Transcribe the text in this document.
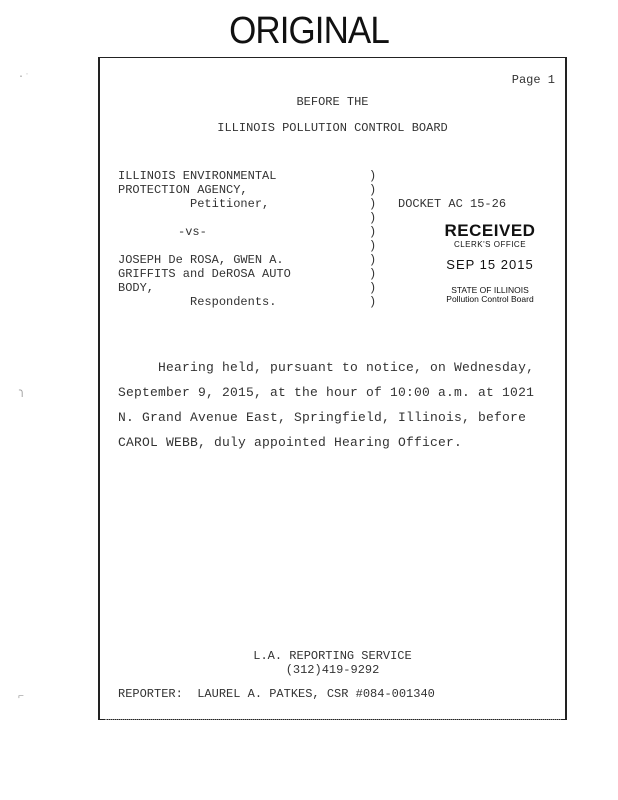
ORIGINAL
·ˑ
ɿ
⌐
Page 1
BEFORE THE
ILLINOIS POLLUTION CONTROL BOARD
ILLINOIS ENVIRONMENTAL
PROTECTION AGENCY,
Petitioner,
-vs-
JOSEPH De ROSA, GWEN A.
GRIFFITS and DeROSA AUTO
BODY,
Respondents.
)
)
)
)
)
)
)
)
)
)
DOCKET AC 15-26
RECEIVED
CLERK'S OFFICE
SEP 15 2015
STATE OF ILLINOIS
Pollution Control Board
Hearing held, pursuant to notice, on Wednesday,
September 9, 2015, at the hour of 10:00 a.m. at 1021
N. Grand Avenue East, Springfield, Illinois, before
CAROL WEBB, duly appointed Hearing Officer.
L.A. REPORTING SERVICE
(312)419-9292
REPORTER:  LAUREL A. PATKES, CSR #084-001340
